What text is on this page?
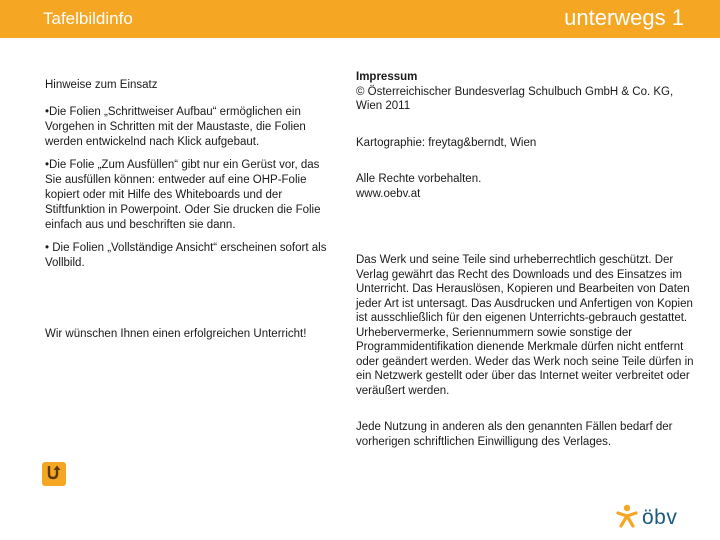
Tafelbildinfo	unterwegs 1
Hinweise zum Einsatz
•Die Folien „Schrittweiser Aufbau“ ermöglichen ein Vorgehen in Schritten mit der Maustaste, die Folien werden entwickelnd nach Klick aufgebaut.
•Die Folie „Zum Ausfüllen“ gibt nur ein Gerüst vor, das Sie ausfüllen können: entweder auf eine OHP-Folie kopiert oder mit Hilfe des Whiteboards und der Stiftfunktion in Powerpoint. Oder Sie drucken die Folie einfach aus und beschriften sie dann.
• Die Folien „Vollständige Ansicht“ erscheinen sofort als Vollbild.
Wir wünschen Ihnen einen erfolgreichen Unterricht!
Impressum
© Österreichischer Bundesverlag Schulbuch GmbH & Co. KG, Wien 2011
Kartographie: freytag&berndt, Wien
Alle Rechte vorbehalten.
www.oebv.at
Das Werk und seine Teile sind urheberrechtlich geschützt. Der Verlag gewährt das Recht des Downloads und des Einsatzes im Unterricht. Das Herauslösen, Kopieren und Bearbeiten von Daten jeder Art ist untersagt. Das Ausdrucken und Anfertigen von Kopien ist ausschließlich für den eigenen Unterrichts-gebrauch gestattet. Urhebervermerke, Seriennummern sowie sonstige der Programmidentifikation dienende Merkmale dürfen nicht entfernt oder geändert werden. Weder das Werk noch seine Teile dürfen in ein Netzwerk gestellt oder über das Internet weiter verbreitet oder veräußert werden.
Jede Nutzung in anderen als den genannten Fällen bedarf der vorherigen schriftlichen Einwilligung des Verlages.
öbv
